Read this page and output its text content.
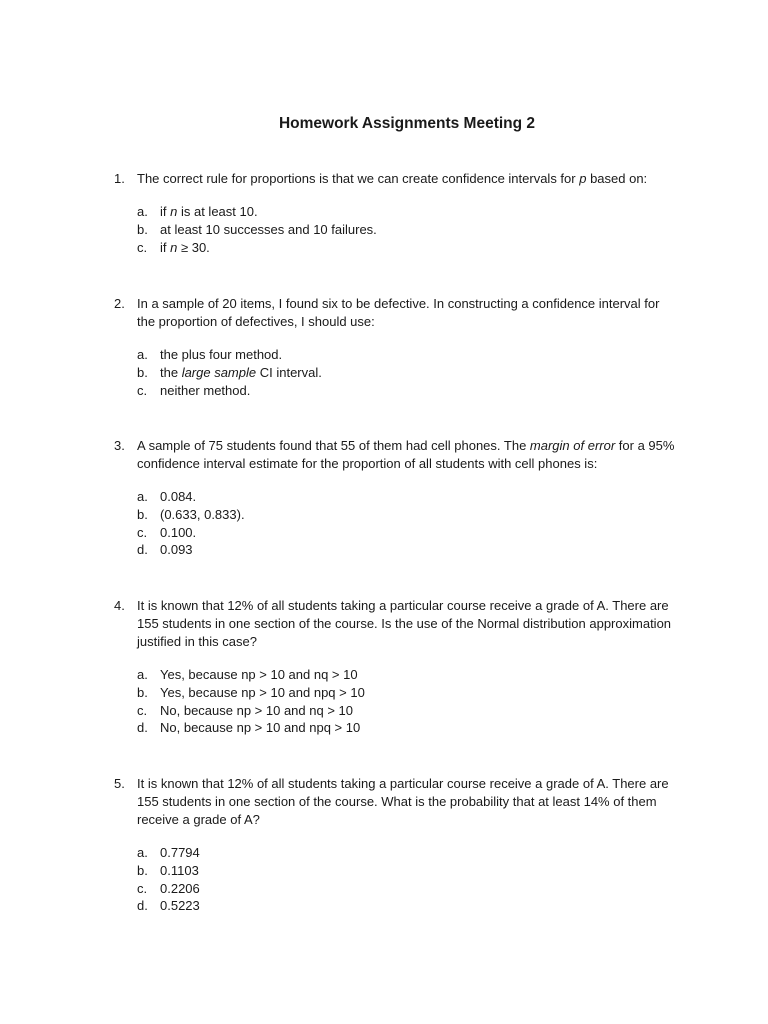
Homework Assignments Meeting 2
1. The correct rule for proportions is that we can create confidence intervals for p based on:
a. if n is at least 10.
b. at least 10 successes and 10 failures.
c. if n ≥ 30.
2. In a sample of 20 items, I found six to be defective. In constructing a confidence interval for the proportion of defectives, I should use:
a. the plus four method.
b. the large sample CI interval.
c. neither method.
3. A sample of 75 students found that 55 of them had cell phones. The margin of error for a 95% confidence interval estimate for the proportion of all students with cell phones is:
a. 0.084.
b. (0.633, 0.833).
c. 0.100.
d. 0.093
4. It is known that 12% of all students taking a particular course receive a grade of A. There are 155 students in one section of the course. Is the use of the Normal distribution approximation justified in this case?
a. Yes, because np > 10 and nq > 10
b. Yes, because np > 10 and npq > 10
c. No, because np > 10 and nq > 10
d. No, because np > 10 and npq > 10
5. It is known that 12% of all students taking a particular course receive a grade of A. There are 155 students in one section of the course. What is the probability that at least 14% of them receive a grade of A?
a. 0.7794
b. 0.1103
c. 0.2206
d. 0.5223
